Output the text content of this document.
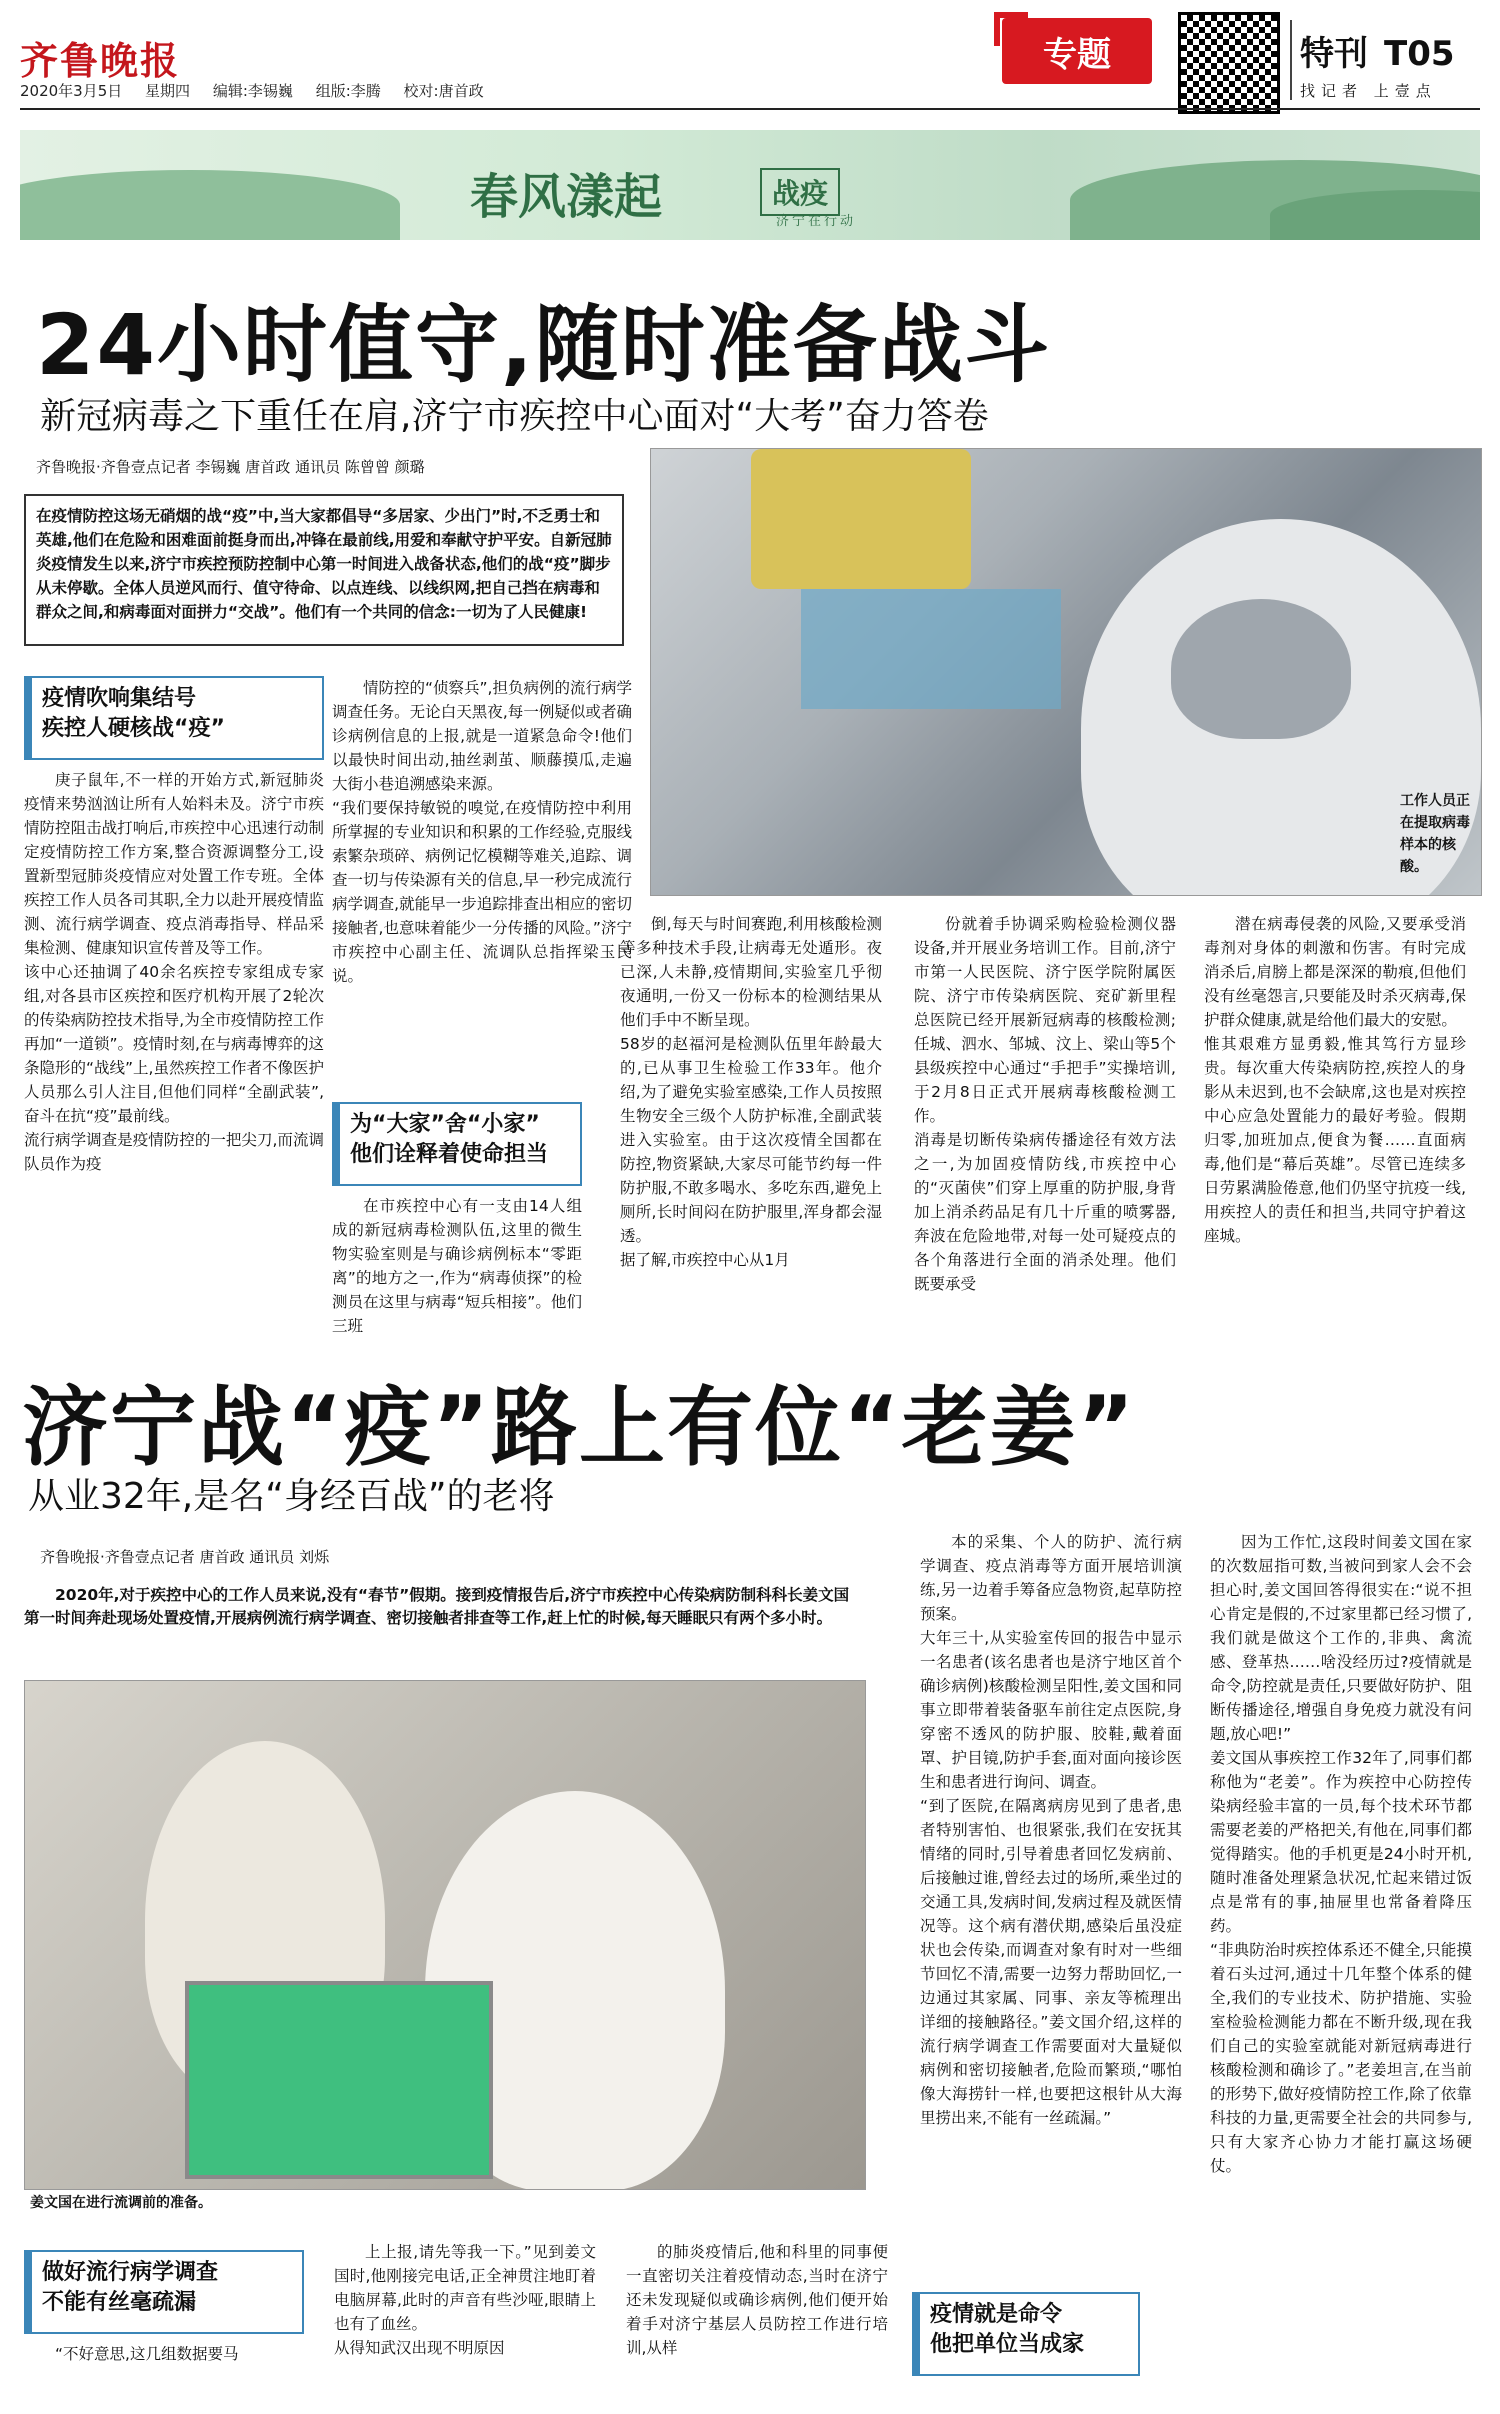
齐鲁晚报
2020年3月5日 星期四 编辑:李锡巍 组版:李腾 校对:唐首政
专题	特刊 T05
找记者 上壹点
春风漾起	战疫
济宁在行动
24小时值守,随时准备战斗
新冠病毒之下重任在肩,济宁市疾控中心面对“大考”奋力答卷
齐鲁晚报·齐鲁壹点记者 李锡巍 唐首政 通讯员 陈曾曾 颜璐
在疫情防控这场无硝烟的战“疫”中,当大家都倡导“多居家、少出门”时,不乏勇士和英雄,他们在危险和困难面前挺身而出,冲锋在最前线,用爱和奉献守护平安。自新冠肺炎疫情发生以来,济宁市疾控预防控制中心第一时间进入战备状态,他们的战“疫”脚步从未停歇。全体人员逆风而行、值守待命、以点连线、以线织网,把自己挡在病毒和群众之间,和病毒面对面拼力“交战”。他们有一个共同的信念:一切为了人民健康!
工作人员正在提取病毒样本的核酸。
疫情吹响集结号
疾控人硬核战“疫”
庚子鼠年,不一样的开始方式,新冠肺炎疫情来势汹汹让所有人始料未及。济宁市疾情防控阻击战打响后,市疾控中心迅速行动制定疫情防控工作方案,整合资源调整分工,设置新型冠肺炎疫情应对处置工作专班。全体疾控工作人员各司其职,全力以赴开展疫情监测、流行病学调查、疫点消毒指导、样品采集检测、健康知识宣传普及等工作。
该中心还抽调了40余名疾控专家组成专家组,对各县市区疾控和医疗机构开展了2轮次的传染病防控技术指导,为全市疫情防控工作再加“一道锁”。疫情时刻,在与病毒博弈的这条隐形的“战线”上,虽然疾控工作者不像医护人员那么引人注目,但他们同样“全副武装”,奋斗在抗“疫”最前线。
流行病学调查是疫情防控的一把尖刀,而流调队员作为疫
情防控的“侦察兵”,担负病例的流行病学调查任务。无论白天黑夜,每一例疑似或者确诊病例信息的上报,就是一道紧急命令!他们以最快时间出动,抽丝剥茧、顺藤摸瓜,走遍大街小巷追溯感染来源。
“我们要保持敏锐的嗅觉,在疫情防控中利用所掌握的专业知识和积累的工作经验,克服线索繁杂琐碎、病例记忆模糊等难关,追踪、调查一切与传染源有关的信息,早一秒完成流行病学调查,就能早一步追踪排查出相应的密切接触者,也意味着能少一分传播的风险。”济宁市疾控中心副主任、流调队总指挥梁玉民说。
为“大家”舍“小家”
他们诠释着使命担当
在市疾控中心有一支由14人组成的新冠病毒检测队伍,这里的微生物实验室则是与确诊病例标本“零距离”的地方之一,作为“病毒侦探”的检测员在这里与病毒“短兵相接”。他们三班
倒,每天与时间赛跑,利用核酸检测等多种技术手段,让病毒无处遁形。夜已深,人未静,疫情期间,实验室几乎彻夜通明,一份又一份标本的检测结果从他们手中不断呈现。
58岁的赵福河是检测队伍里年龄最大的,已从事卫生检验工作33年。他介绍,为了避免实验室感染,工作人员按照生物安全三级个人防护标准,全副武装进入实验室。由于这次疫情全国都在防控,物资紧缺,大家尽可能节约每一件防护服,不敢多喝水、多吃东西,避免上厕所,长时间闷在防护服里,浑身都会湿透。
据了解,市疾控中心从1月
份就着手协调采购检验检测仪器设备,并开展业务培训工作。目前,济宁市第一人民医院、济宁医学院附属医院、济宁市传染病医院、兖矿新里程总医院已经开展新冠病毒的核酸检测;任城、泗水、邹城、汶上、梁山等5个县级疾控中心通过“手把手”实操培训,于2月8日正式开展病毒核酸检测工作。
消毒是切断传染病传播途径有效方法之一,为加固疫情防线,市疾控中心的“灭菌侠”们穿上厚重的防护服,身背加上消杀药品足有几十斤重的喷雾器,奔波在危险地带,对每一处可疑疫点的各个角落进行全面的消杀处理。他们既要承受
潜在病毒侵袭的风险,又要承受消毒剂对身体的刺激和伤害。有时完成消杀后,肩膀上都是深深的勒痕,但他们没有丝毫怨言,只要能及时杀灭病毒,保护群众健康,就是给他们最大的安慰。
惟其艰难方显勇毅,惟其笃行方显珍贵。每次重大传染病防控,疾控人的身影从未迟到,也不会缺席,这也是对疾控中心应急处置能力的最好考验。假期归零,加班加点,便食为餐……直面病毒,他们是“幕后英雄”。尽管已连续多日劳累满脸倦意,他们仍坚守抗疫一线,用疾控人的责任和担当,共同守护着这座城。
济宁战“疫”路上有位“老姜”
从业32年,是名“身经百战”的老将
齐鲁晚报·齐鲁壹点记者 唐首政 通讯员 刘烁
2020年,对于疾控中心的工作人员来说,没有“春节”假期。接到疫情报告后,济宁市疾控中心传染病防制科科长姜文国第一时间奔赴现场处置疫情,开展病例流行病学调查、密切接触者排查等工作,赶上忙的时候,每天睡眠只有两个多小时。
姜文国在进行流调前的准备。
做好流行病学调查
不能有丝毫疏漏
“不好意思,这几组数据要马
上上报,请先等我一下。”见到姜文国时,他刚接完电话,正全神贯注地盯着电脑屏幕,此时的声音有些沙哑,眼睛上也有了血丝。
从得知武汉出现不明原因
的肺炎疫情后,他和科里的同事便一直密切关注着疫情动态,当时在济宁还未发现疑似或确诊病例,他们便开始着手对济宁基层人员防控工作进行培训,从样
本的采集、个人的防护、流行病学调查、疫点消毒等方面开展培训演练,另一边着手筹备应急物资,起草防控预案。
大年三十,从实验室传回的报告中显示一名患者(该名患者也是济宁地区首个确诊病例)核酸检测呈阳性,姜文国和同事立即带着装备驱车前往定点医院,身穿密不透风的防护服、胶鞋,戴着面罩、护目镜,防护手套,面对面向接诊医生和患者进行询问、调查。
“到了医院,在隔离病房见到了患者,患者特别害怕、也很紧张,我们在安抚其情绪的同时,引导着患者回忆发病前、后接触过谁,曾经去过的场所,乘坐过的交通工具,发病时间,发病过程及就医情况等。这个病有潜伏期,感染后虽没症状也会传染,而调查对象有时对一些细节回忆不清,需要一边努力帮助回忆,一边通过其家属、同事、亲友等梳理出详细的接触路径。”姜文国介绍,这样的流行病学调查工作需要面对大量疑似病例和密切接触者,危险而繁琐,“哪怕像大海捞针一样,也要把这根针从大海里捞出来,不能有一丝疏漏。”
疫情就是命令
他把单位当成家
因为工作忙,这段时间姜文国在家的次数屈指可数,当被问到家人会不会担心时,姜文国回答得很实在:“说不担心肯定是假的,不过家里都已经习惯了,我们就是做这个工作的,非典、禽流感、登革热……啥没经历过?疫情就是命令,防控就是责任,只要做好防护、阻断传播途径,增强自身免疫力就没有问题,放心吧!”
姜文国从事疾控工作32年了,同事们都称他为“老姜”。作为疾控中心防控传染病经验丰富的一员,每个技术环节都需要老姜的严格把关,有他在,同事们都觉得踏实。他的手机更是24小时开机,随时准备处理紧急状况,忙起来错过饭点是常有的事,抽屉里也常备着降压药。
“非典防治时疾控体系还不健全,只能摸着石头过河,通过十几年整个体系的健全,我们的专业技术、防护措施、实验室检验检测能力都在不断升级,现在我们自己的实验室就能对新冠病毒进行核酸检测和确诊了。”老姜坦言,在当前的形势下,做好疫情防控工作,除了依靠科技的力量,更需要全社会的共同参与,只有大家齐心协力才能打赢这场硬仗。
